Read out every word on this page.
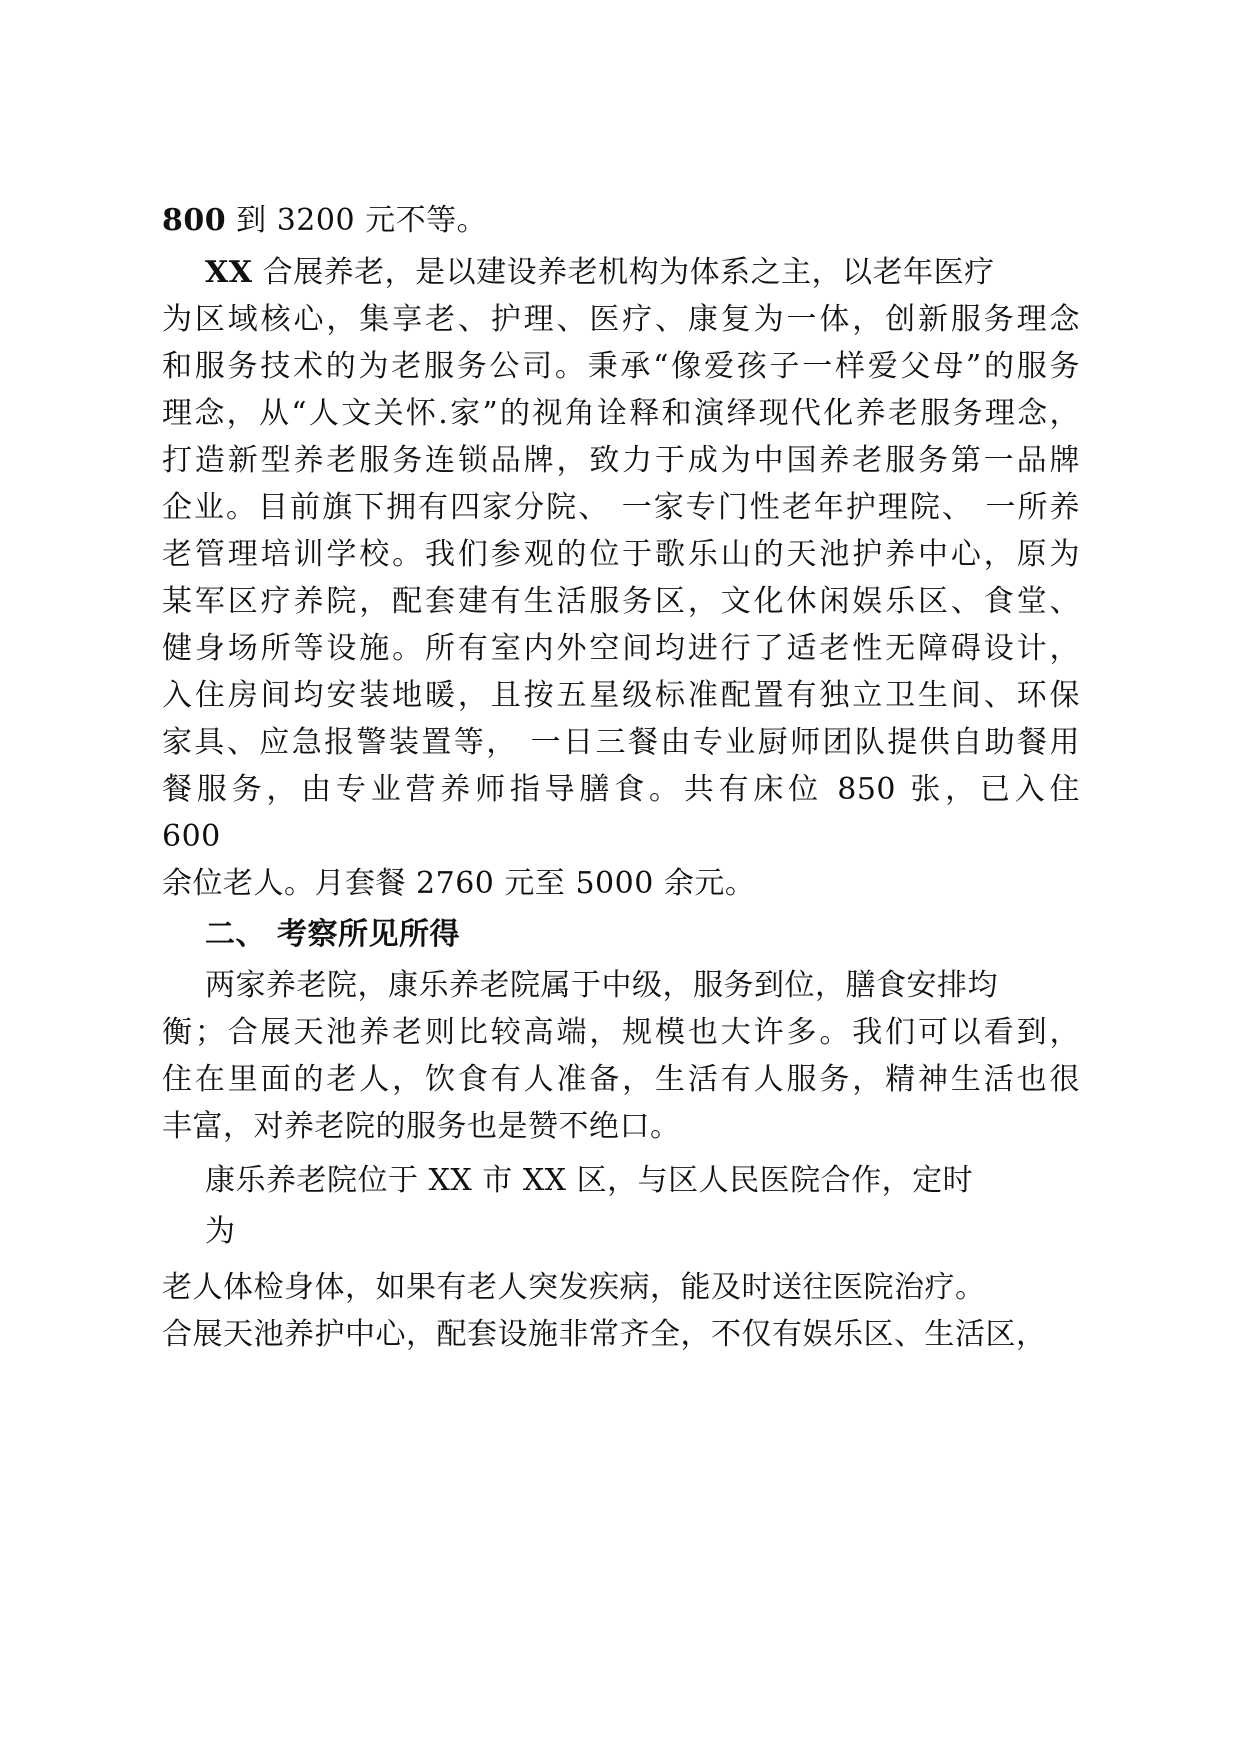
800 到 3200 元不等。
XX 合展养老，是以建设养老机构为体系之主，以老年医疗
为区域核心，集享老、护理、医疗、康复为一体，创新服务理念
和服务技术的为老服务公司。秉承“像爱孩子一样爱父母”的服务
理念，从“人文关怀.家”的视角诠释和演绎现代化养老服务理念，
打造新型养老服务连锁品牌，致力于成为中国养老服务第一品牌
企业。目前旗下拥有四家分院、 一家专门性老年护理院、 一所养
老管理培训学校。我们参观的位于歌乐山的天池护养中心，原为
某军区疗养院，配套建有生活服务区，文化休闲娱乐区、食堂、
健身场所等设施。所有室内外空间均进行了适老性无障碍设计，
入住房间均安装地暖，且按五星级标准配置有独立卫生间、环保
家具、应急报警装置等， 一日三餐由专业厨师团队提供自助餐用
餐服务，由专业营养师指导膳食。共有床位 850 张，已入住
600
余位老人。月套餐 2760 元至 5000 余元。
二、 考察所见所得
两家养老院，康乐养老院属于中级，服务到位，膳食安排均
衡；合展天池养老则比较高端，规模也大许多。我们可以看到，
住在里面的老人，饮食有人准备，生活有人服务，精神生活也很
丰富，对养老院的服务也是赞不绝口。
康乐养老院位于 XX 市 XX 区，与区人民医院合作，定时
为
老人体检身体，如果有老人突发疾病，能及时送往医院治疗。
合展天池养护中心，配套设施非常齐全，不仅有娱乐区、生活区，
